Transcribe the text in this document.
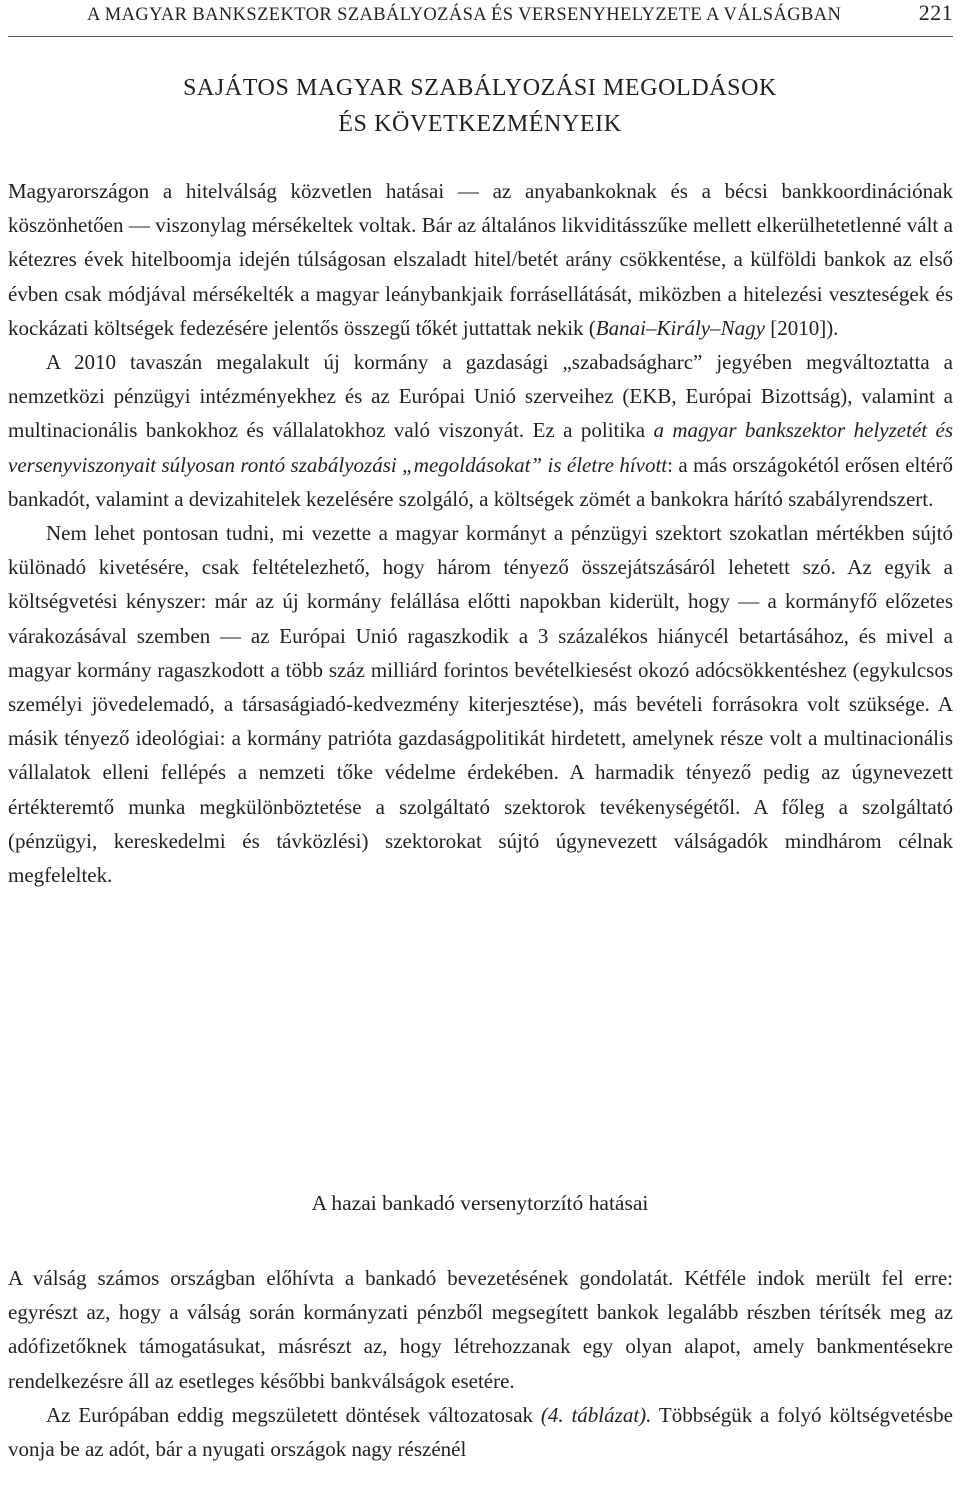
A MAGYAR BANKSZEKTOR SZABÁLYOZÁSA ÉS VERSENYHELYZETE A VÁLSÁGBAN	221
SAJÁTOS MAGYAR SZABÁLYOZÁSI MEGOLDÁSOK
ÉS KÖVETKEZMÉNYEIK

Magyarországon a hitelválság közvetlen hatásai — az anyabankoknak és a bécsi bankkoordinációnak köszönhetően — viszonylag mérsékeltek voltak. Bár az általános likviditásszűke mellett elkerülhetetlenné vált a kétezres évek hitelboomja idején túlságosan elszaladt hitel/betét arány csökkentése, a külföldi bankok az első évben csak módjával mérsékelték a magyar leánybankjaik forrásellátását, miközben a hitelezési veszteségek és kockázati költségek fedezésére jelentős összegű tőkét juttattak nekik (Banai–Király–Nagy [2010]).

A 2010 tavaszán megalakult új kormány a gazdasági „szabadságharc” jegyében megváltoztatta a nemzetközi pénzügyi intézményekhez és az Európai Unió szerveihez (EKB, Európai Bizottság), valamint a multinacionális bankokhoz és vállalatokhoz való viszonyát. Ez a politika a magyar bankszektor helyzetét és versenyviszonyait súlyosan rontó szabályozási „megoldásokat” is életre hívott: a más országokétól erősen eltérő bankadót, valamint a devizahitelek kezelésére szolgáló, a költségek zömét a bankokra hárító szabályrendszert.

Nem lehet pontosan tudni, mi vezette a magyar kormányt a pénzügyi szektort szokatlan mértékben sújtó különadó kivetésére, csak feltételezhető, hogy három tényező összejátszásáról lehetett szó. Az egyik a költségvetési kényszer: már az új kormány felállása előtti napokban kiderült, hogy — a kormányfő előzetes várakozásával szemben — az Európai Unió ragaszkodik a 3 százalékos hiánycél betartásához, és mivel a magyar kormány ragaszkodott a több száz milliárd forintos bevételkiesést okozó adócsökkentéshez (egykulcsos személyi jövedelemadó, a társaságiadó-kedvezmény kiterjesztése), más bevételi forrásokra volt szüksége. A másik tényező ideológiai: a kormány patrióta gazdaságpolitikát hirdetett, amelynek része volt a multinacionális vállalatok elleni fellépés a nemzeti tőke védelme érdekében. A harmadik tényező pedig az úgynevezett értékteremtő munka megkülönböztetése a szolgáltató szektorok tevékenységétől. A főleg a szolgáltató (pénzügyi, kereskedelmi és távközlési) szektorokat sújtó úgynevezett válságadók mindhárom célnak megfeleltek.

A hazai bankadó versenytorzító hatásai

A válság számos országban előhívta a bankadó bevezetésének gondolatát. Kétféle indok merült fel erre: egyrészt az, hogy a válság során kormányzati pénzből megsegített bankok legalább részben térítsék meg az adófizetőknek támogatásukat, másrészt az, hogy létrehozzanak egy olyan alapot, amely bankmentésekre rendelkezésre áll az esetleges későbbi bankválságok esetére.

Az Európában eddig megszületett döntések változatosak (4. táblázat). Többségük a folyó költségvetésbe vonja be az adót, bár a nyugati országok nagy részénél
